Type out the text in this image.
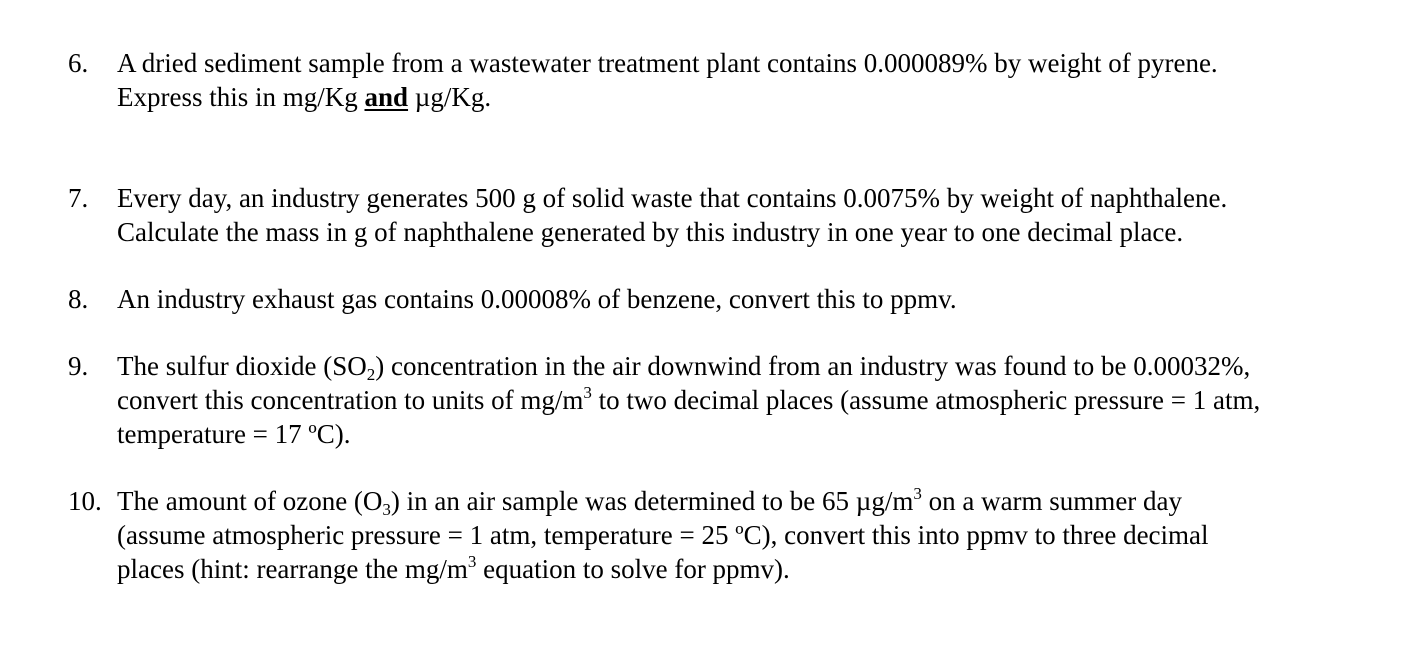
6. A dried sediment sample from a wastewater treatment plant contains 0.000089% by weight of pyrene.
Express this in mg/Kg and µg/Kg.
7. Every day, an industry generates 500 g of solid waste that contains 0.0075% by weight of naphthalene.
Calculate the mass in g of naphthalene generated by this industry in one year to one decimal place.
8. An industry exhaust gas contains 0.00008% of benzene, convert this to ppmv.
9. The sulfur dioxide $(SO_2)$ concentration in the air downwind from an industry was found to be 0.00032%,
convert this concentration to units of $mg/m^3$ to two decimal places (assume atmospheric pressure = 1 atm,
temperature = 17 ºC).
10. The amount of ozone $(O_3)$ in an air sample was determined to be 65 $\mu g/m^3$ on a warm summer day
(assume atmospheric pressure = 1 atm, temperature = 25 ºC), convert this into ppmv to three decimal
places (hint: rearrange the $mg/m^3$ equation to solve for ppmv).
